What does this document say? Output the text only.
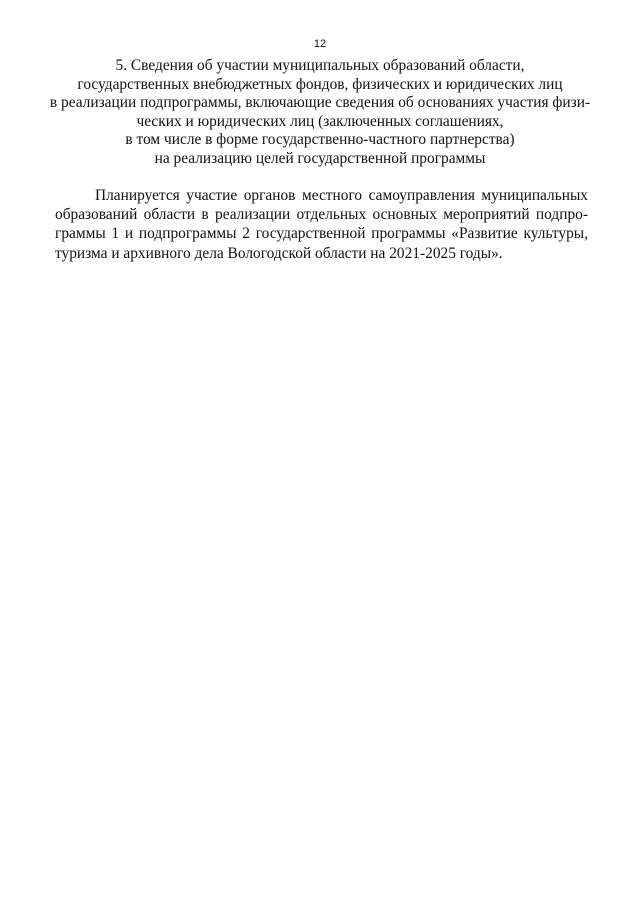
12
5. Сведения об участии муниципальных образований области,
государственных внебюджетных фондов, физических и юридических лиц
в реализации подпрограммы, включающие сведения об основаниях участия физи-
ческих и юридических лиц (заключенных соглашениях,
в том числе в форме государственно-частного партнерства)
на реализацию целей государственной программы
Планируется участие органов местного самоуправления муниципальных
образований области в реализации отдельных основных мероприятий подпро-
граммы 1 и подпрограммы 2 государственной программы «Развитие культуры,
туризма и архивного дела Вологодской области на 2021-2025 годы».
